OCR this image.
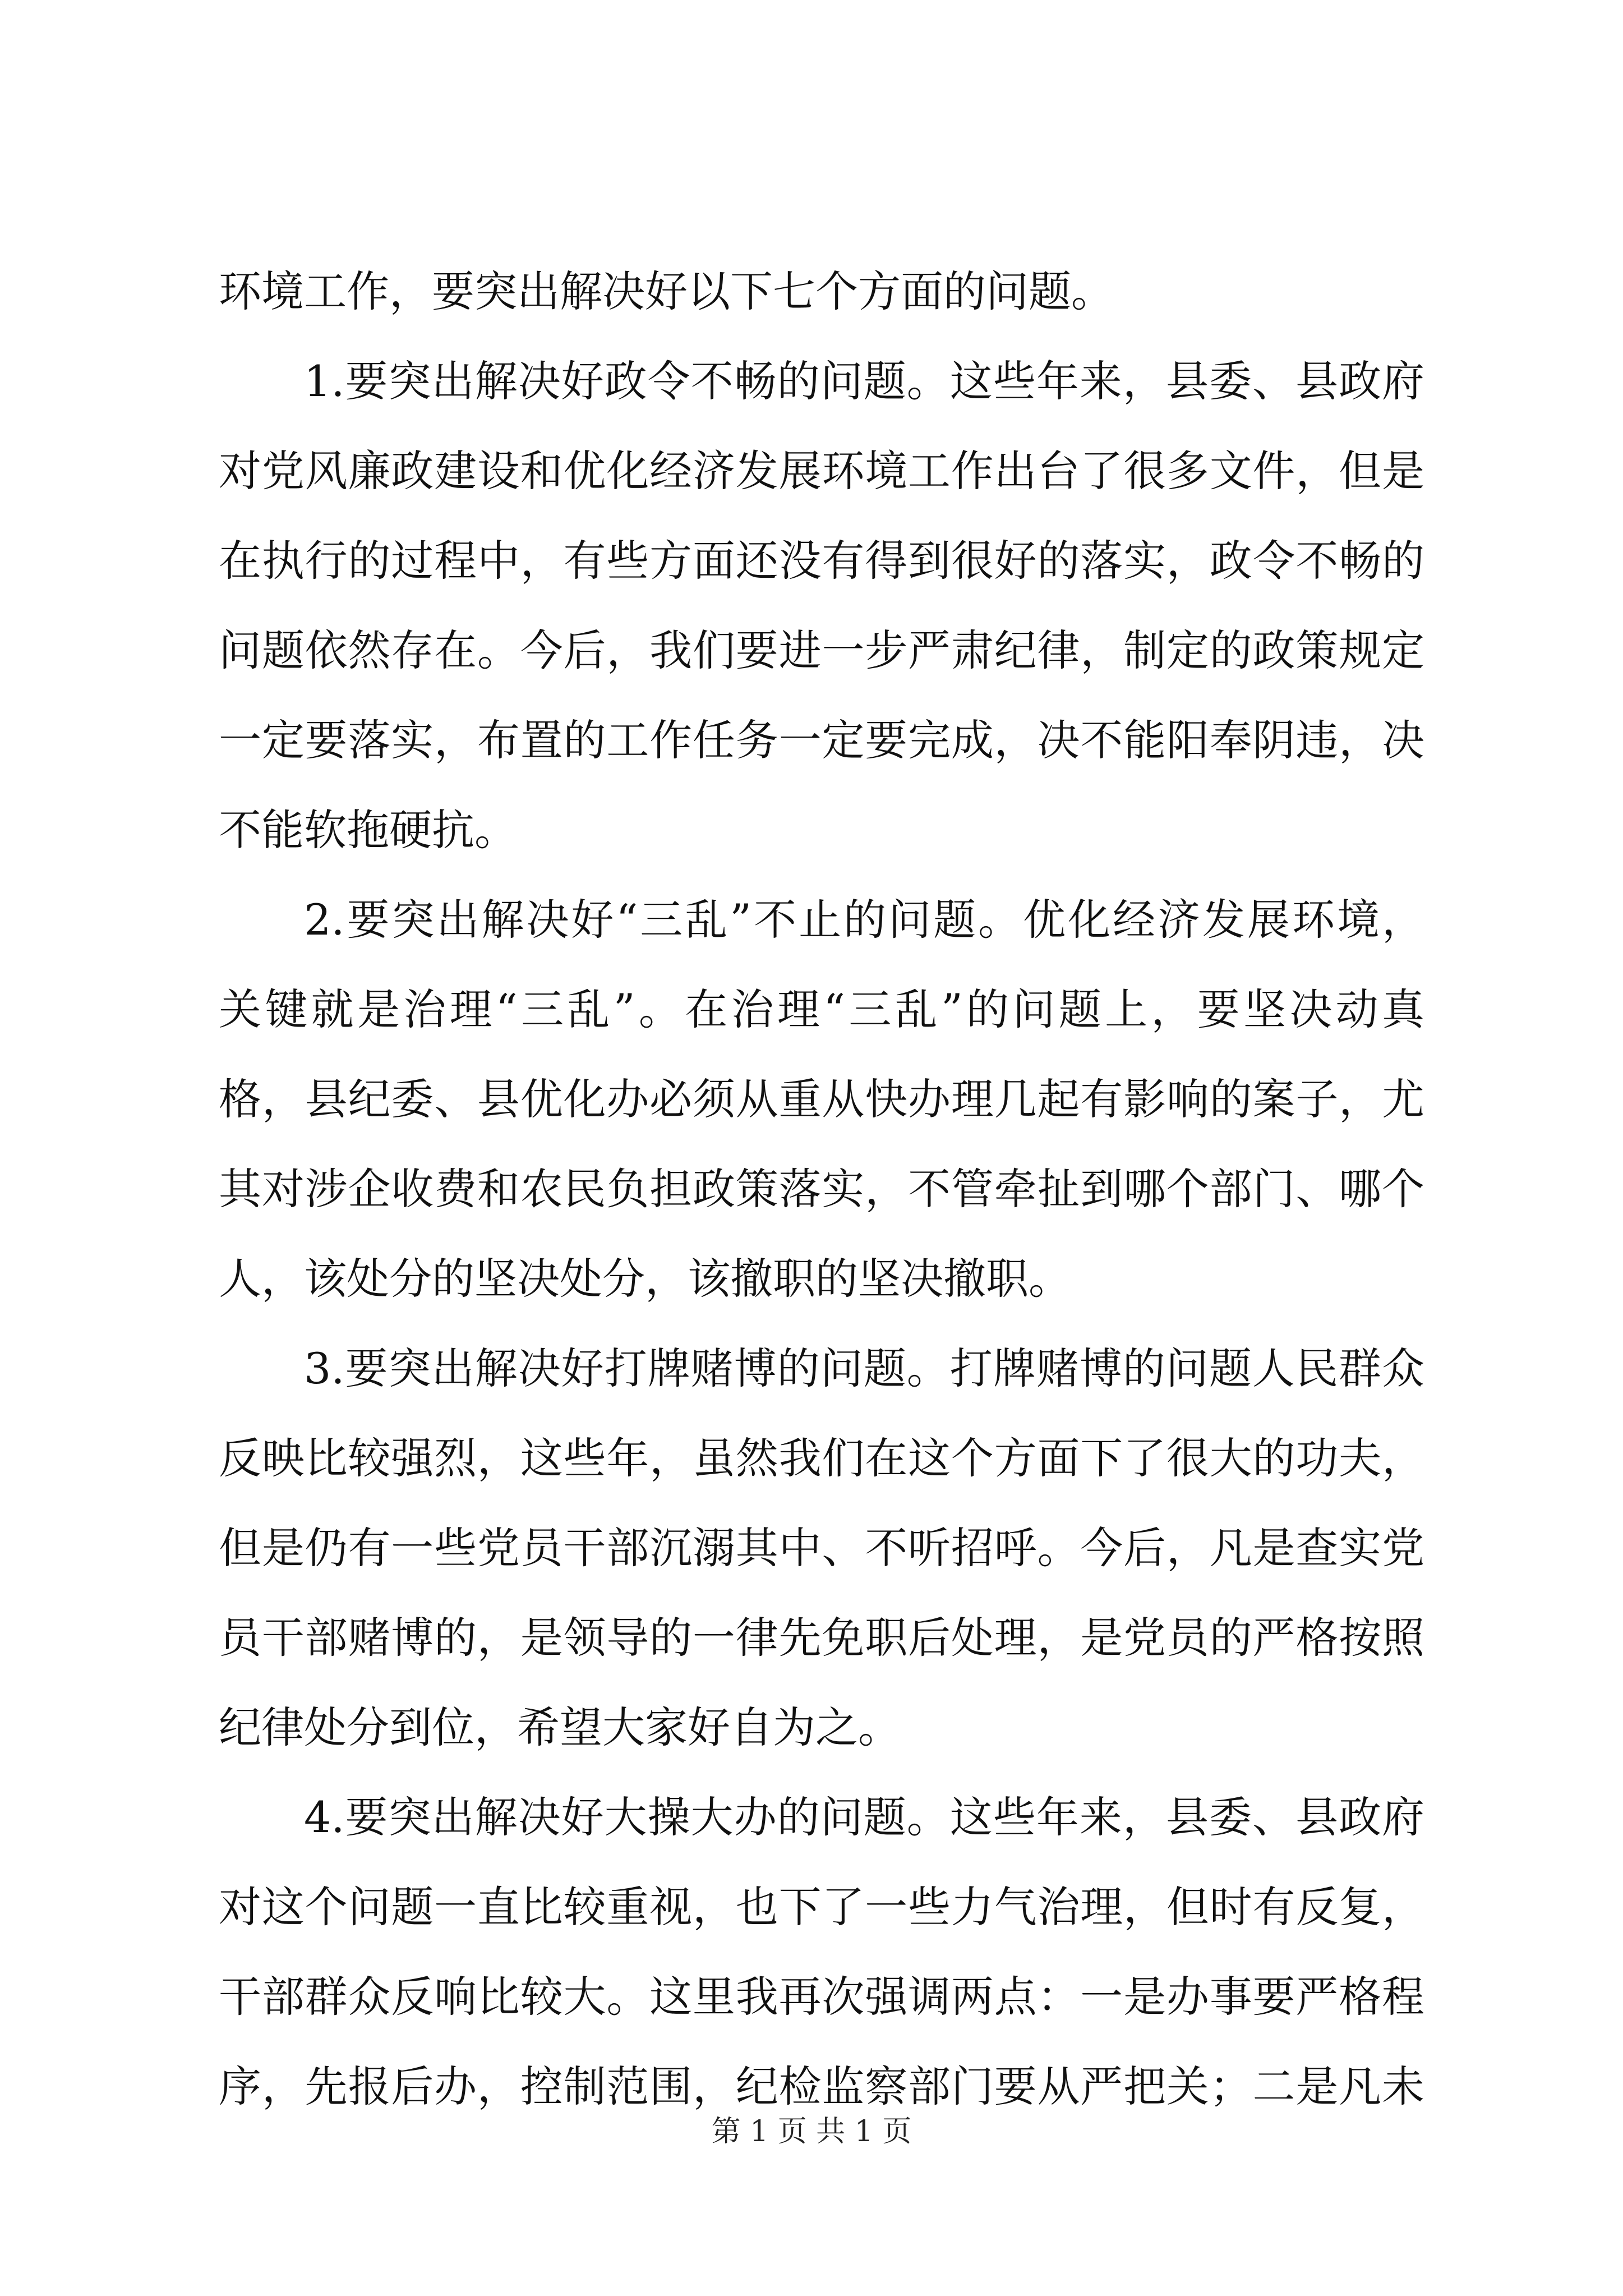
环境工作，要突出解决好以下七个方面的问题。
1.要突出解决好政令不畅的问题。这些年来，县委、县政府
对党风廉政建设和优化经济发展环境工作出台了很多文件，但是
在执行的过程中，有些方面还没有得到很好的落实，政令不畅的
问题依然存在。今后，我们要进一步严肃纪律，制定的政策规定
一定要落实，布置的工作任务一定要完成，决不能阳奉阴违，决
不能软拖硬抗。
2.要突出解决好“三乱”不止的问题。优化经济发展环境，
关键就是治理“三乱”。在治理“三乱”的问题上，要坚决动真
格，县纪委、县优化办必须从重从快办理几起有影响的案子，尤
其对涉企收费和农民负担政策落实，不管牵扯到哪个部门、哪个
人，该处分的坚决处分，该撤职的坚决撤职。
3.要突出解决好打牌赌博的问题。打牌赌博的问题人民群众
反映比较强烈，这些年，虽然我们在这个方面下了很大的功夫，
但是仍有一些党员干部沉溺其中、不听招呼。今后，凡是查实党
员干部赌博的，是领导的一律先免职后处理，是党员的严格按照
纪律处分到位，希望大家好自为之。
4.要突出解决好大操大办的问题。这些年来，县委、县政府
对这个问题一直比较重视，也下了一些力气治理，但时有反复，
干部群众反响比较大。这里我再次强调两点：一是办事要严格程
序，先报后办，控制范围，纪检监察部门要从严把关；二是凡未
第 1 页 共 1 页
